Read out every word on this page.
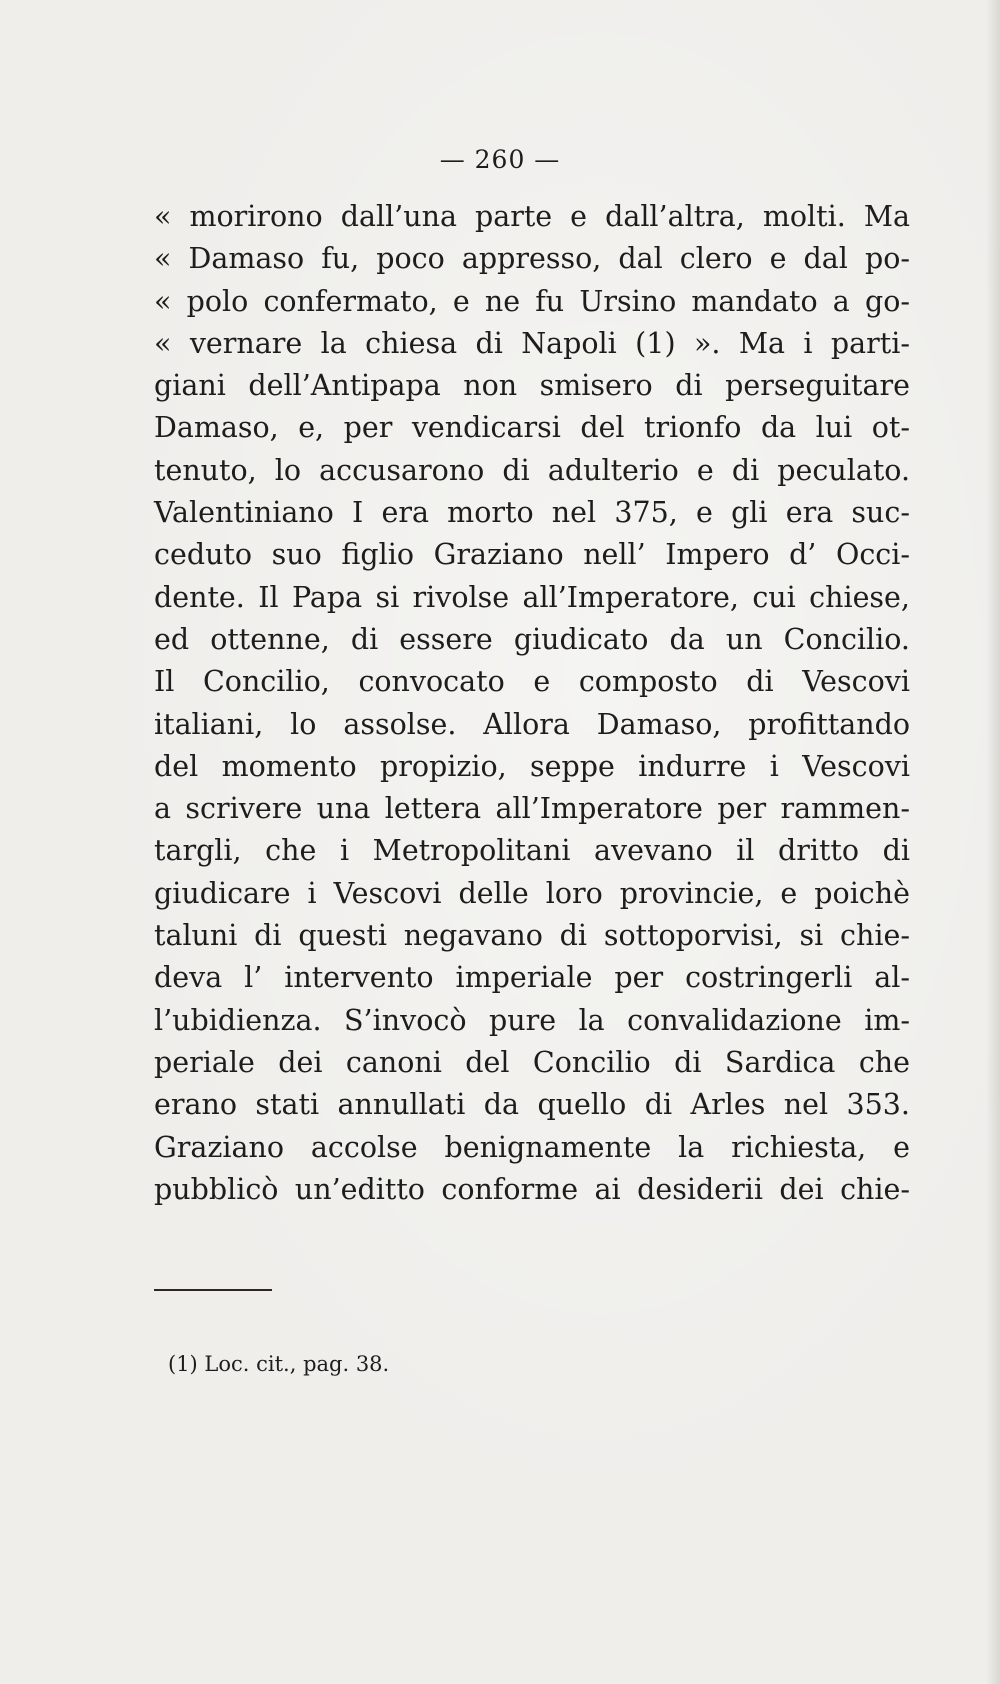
— 260 —
« morirono dall’una parte e dall’altra, molti. Ma
« Damaso fu, poco appresso, dal clero e dal po-
« polo confermato, e ne fu Ursino mandato a go-
« vernare la chiesa di Napoli (1) ». Ma i parti-
giani dell’Antipapa non smisero di perseguitare
Damaso, e, per vendicarsi del trionfo da lui ot-
tenuto, lo accusarono di adulterio e di peculato.
Valentiniano I era morto nel 375, e gli era suc-
ceduto suo figlio Graziano nell’ Impero d’ Occi-
dente. Il Papa si rivolse all’Imperatore, cui chiese,
ed ottenne, di essere giudicato da un Concilio.
Il Concilio, convocato e composto di Vescovi
italiani, lo assolse. Allora Damaso, profittando
del momento propizio, seppe indurre i Vescovi
a scrivere una lettera all’Imperatore per rammen-
targli, che i Metropolitani avevano il dritto di
giudicare i Vescovi delle loro provincie, e poichè
taluni di questi negavano di sottoporvisi, si chie-
deva l’ intervento imperiale per costringerli al-
l’ubidienza. S’invocò pure la convalidazione im-
periale dei canoni del Concilio di Sardica che
erano stati annullati da quello di Arles nel 353.
Graziano accolse benignamente la richiesta, e
pubblicò un’editto conforme ai desiderii dei chie-
(1) Loc. cit., pag. 38.
